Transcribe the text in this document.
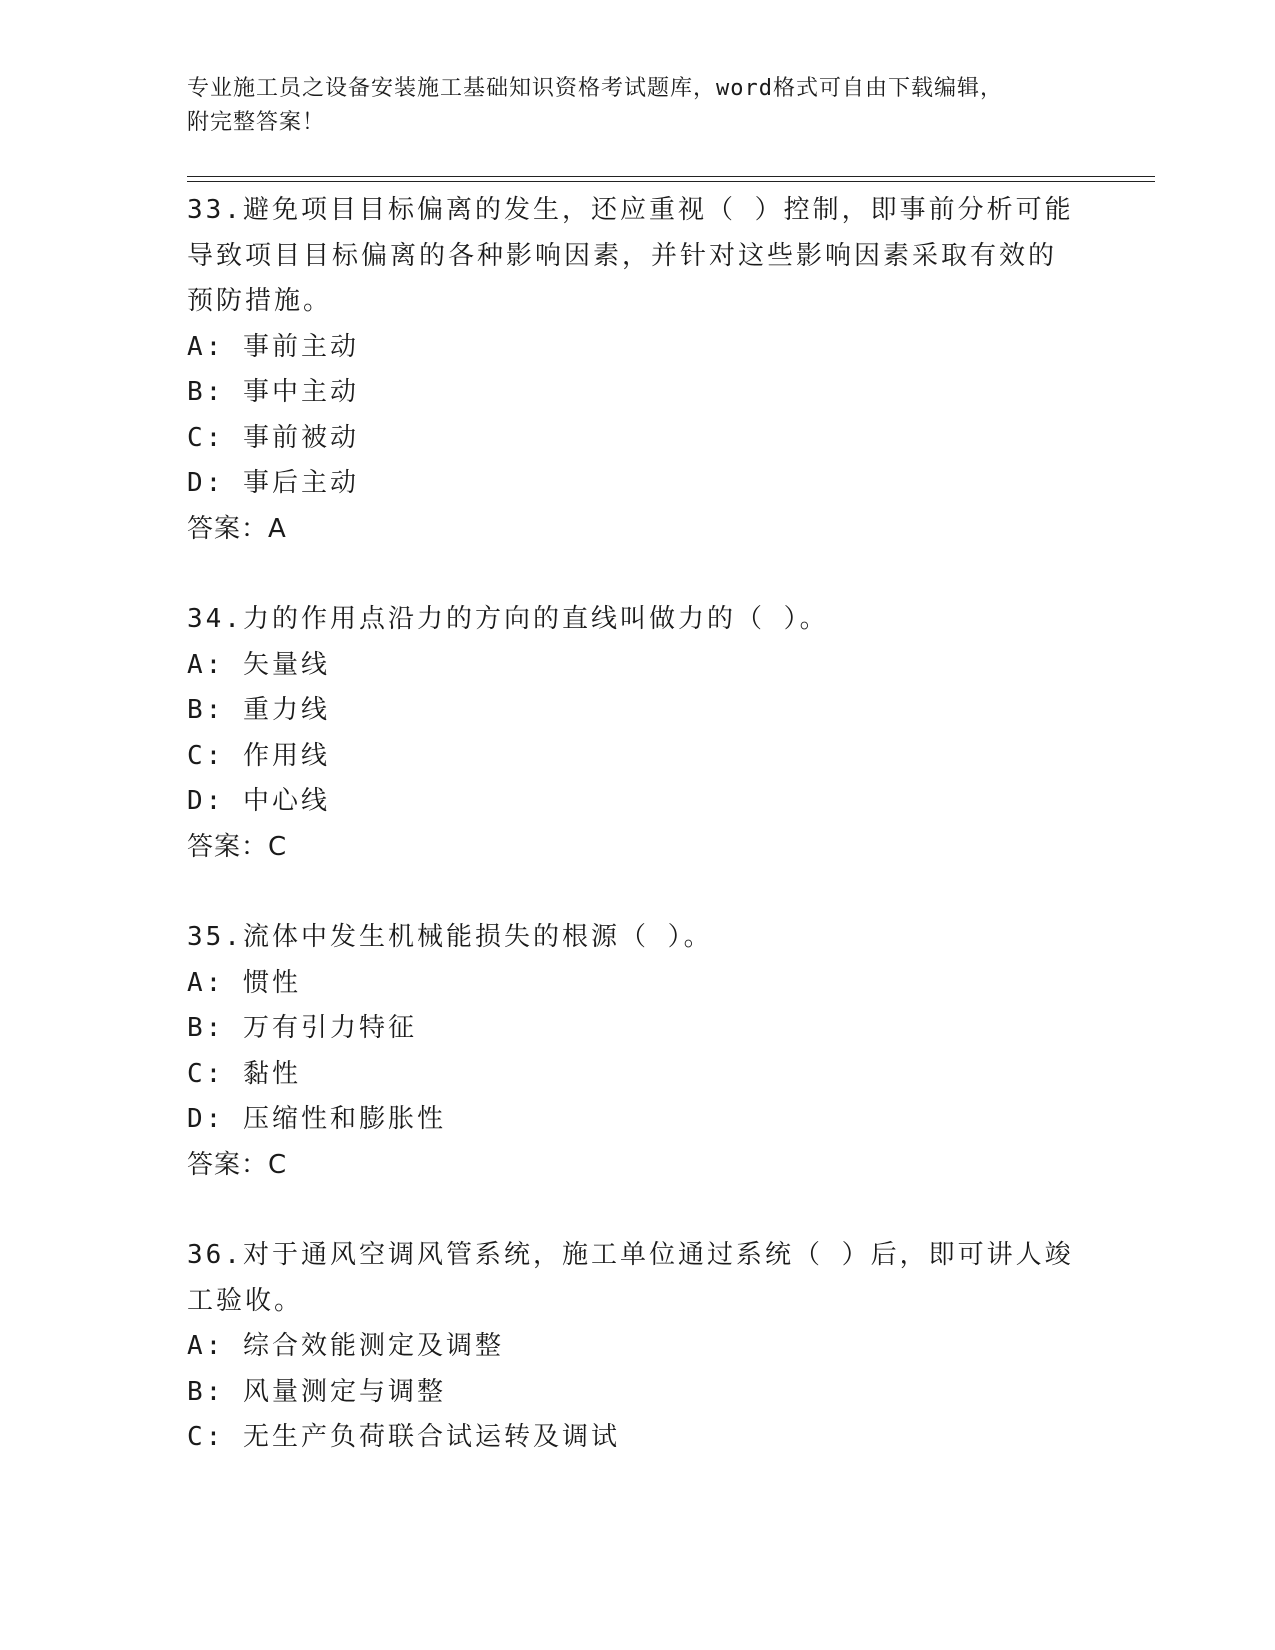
专业施工员之设备安装施工基础知识资格考试题库，word格式可自由下载编辑，
附完整答案！
33.避免项目目标偏离的发生，还应重视（ ）控制，即事前分析可能
导致项目目标偏离的各种影响因素，并针对这些影响因素采取有效的
预防措施。
A: 事前主动
B: 事中主动
C: 事前被动
D: 事后主动
答案：A
34.力的作用点沿力的方向的直线叫做力的（ ）。
A: 矢量线
B: 重力线
C: 作用线
D: 中心线
答案：C
35.流体中发生机械能损失的根源（ ）。
A: 惯性
B: 万有引力特征
C: 黏性
D: 压缩性和膨胀性
答案：C
36.对于通风空调风管系统，施工单位通过系统（ ）后，即可讲人竣
工验收。
A: 综合效能测定及调整
B: 风量测定与调整
C: 无生产负荷联合试运转及调试
